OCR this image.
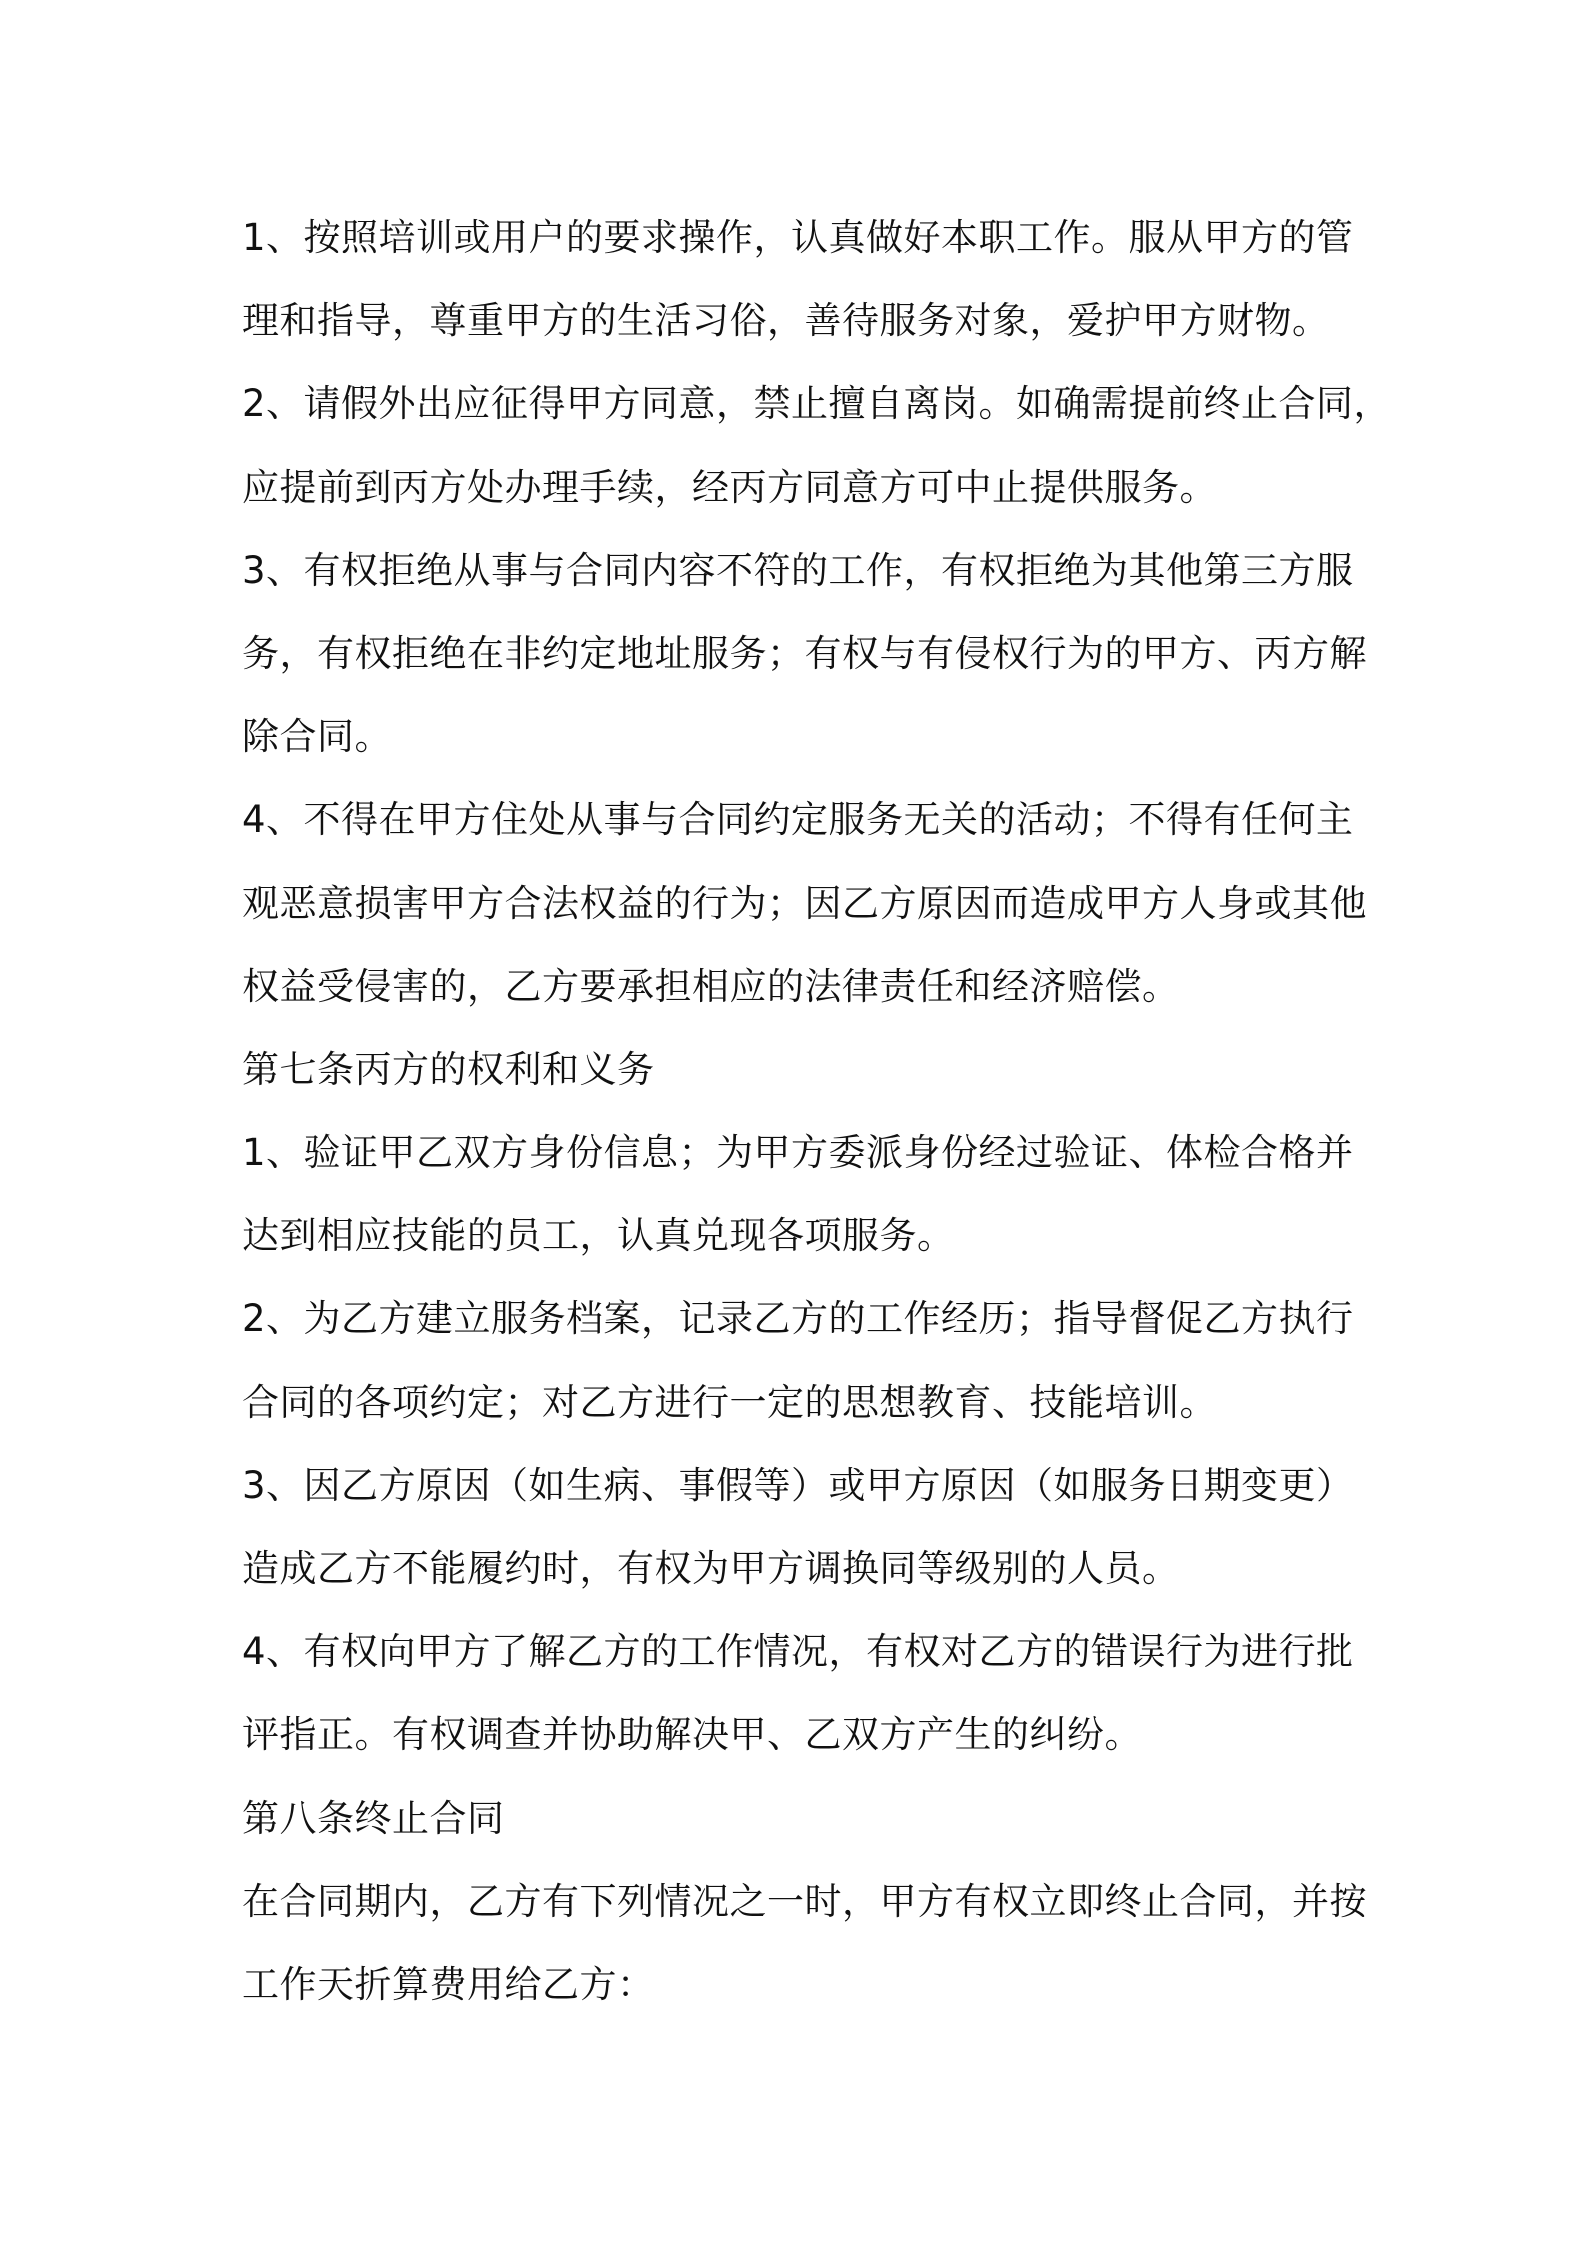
1、按照培训或用户的要求操作，认真做好本职工作。服从甲方的管
理和指导，尊重甲方的生活习俗，善待服务对象，爱护甲方财物。
2、请假外出应征得甲方同意，禁止擅自离岗。如确需提前终止合同，
应提前到丙方处办理手续，经丙方同意方可中止提供服务。
3、有权拒绝从事与合同内容不符的工作，有权拒绝为其他第三方服
务，有权拒绝在非约定地址服务；有权与有侵权行为的甲方、丙方解
除合同。
4、不得在甲方住处从事与合同约定服务无关的活动；不得有任何主
观恶意损害甲方合法权益的行为；因乙方原因而造成甲方人身或其他
权益受侵害的，乙方要承担相应的法律责任和经济赔偿。
第七条丙方的权利和义务
1、验证甲乙双方身份信息；为甲方委派身份经过验证、体检合格并
达到相应技能的员工，认真兑现各项服务。
2、为乙方建立服务档案，记录乙方的工作经历；指导督促乙方执行
合同的各项约定；对乙方进行一定的思想教育、技能培训。
3、因乙方原因（如生病、事假等）或甲方原因（如服务日期变更）
造成乙方不能履约时，有权为甲方调换同等级别的人员。
4、有权向甲方了解乙方的工作情况，有权对乙方的错误行为进行批
评指正。有权调查并协助解决甲、乙双方产生的纠纷。
第八条终止合同
在合同期内，乙方有下列情况之一时，甲方有权立即终止合同，并按
工作天折算费用给乙方：
